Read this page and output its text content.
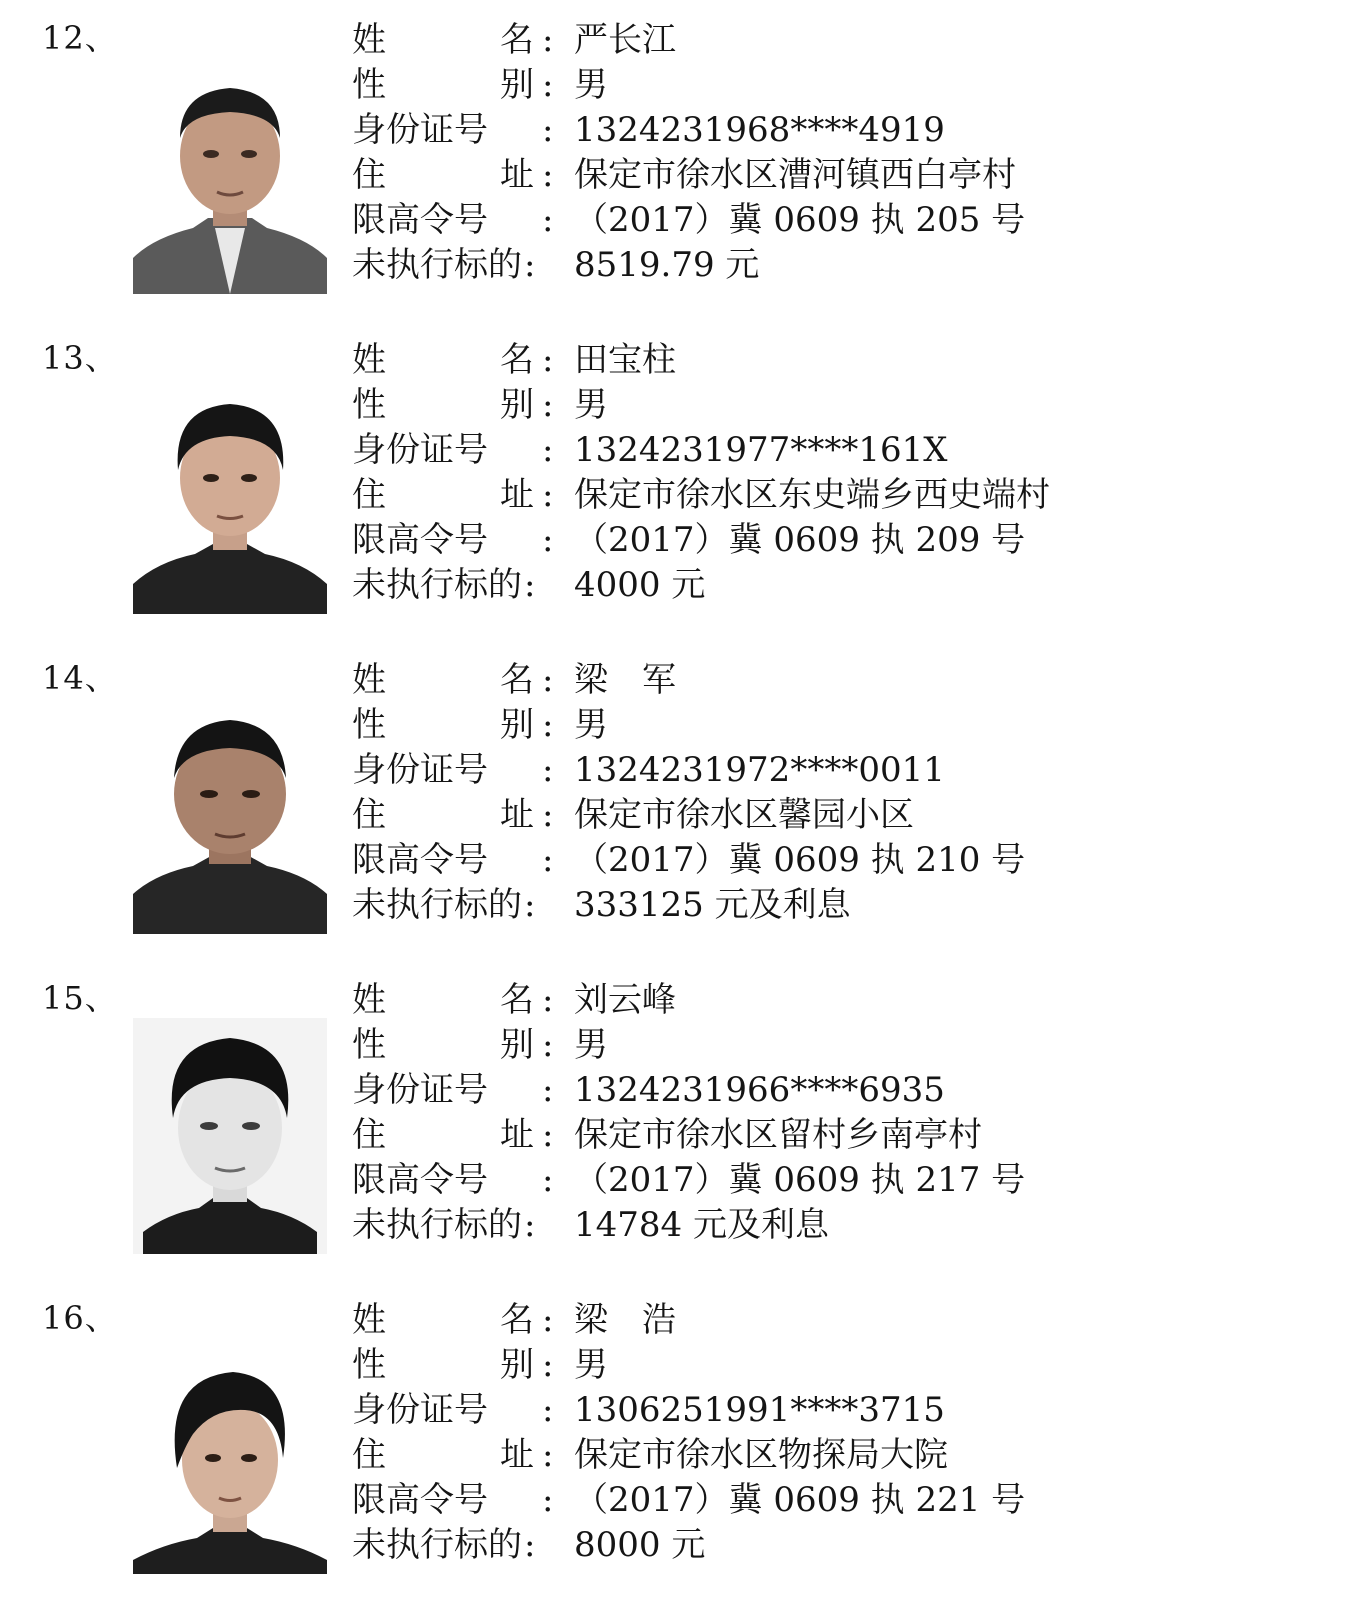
12、	姓	名 : 严长江
性	别 : 男
身份证号	: 1324231968****4919
住	址 : 保定市徐水区漕河镇西白亭村
限高令号	: （2017）冀 0609 执 205 号
未执行标的 : 8519.79 元
13、	姓	名 : 田宝柱
性	别 : 男
身份证号	: 1324231977****161X
住	址 : 保定市徐水区东史端乡西史端村
限高令号	: （2017）冀 0609 执 209 号
未执行标的 : 4000 元
14、	姓	名 : 梁　军
性	别 : 男
身份证号	: 1324231972****0011
住	址 : 保定市徐水区馨园小区
限高令号	: （2017）冀 0609 执 210 号
未执行标的 : 333125 元及利息
15、	姓	名 : 刘云峰
性	别 : 男
身份证号	: 1324231966****6935
住	址 : 保定市徐水区留村乡南亭村
限高令号	: （2017）冀 0609 执 217 号
未执行标的 : 14784 元及利息
16、	姓	名 : 梁　浩
性	别 : 男
身份证号	: 1306251991****3715
住	址 : 保定市徐水区物探局大院
限高令号	: （2017）冀 0609 执 221 号
未执行标的 : 8000 元
